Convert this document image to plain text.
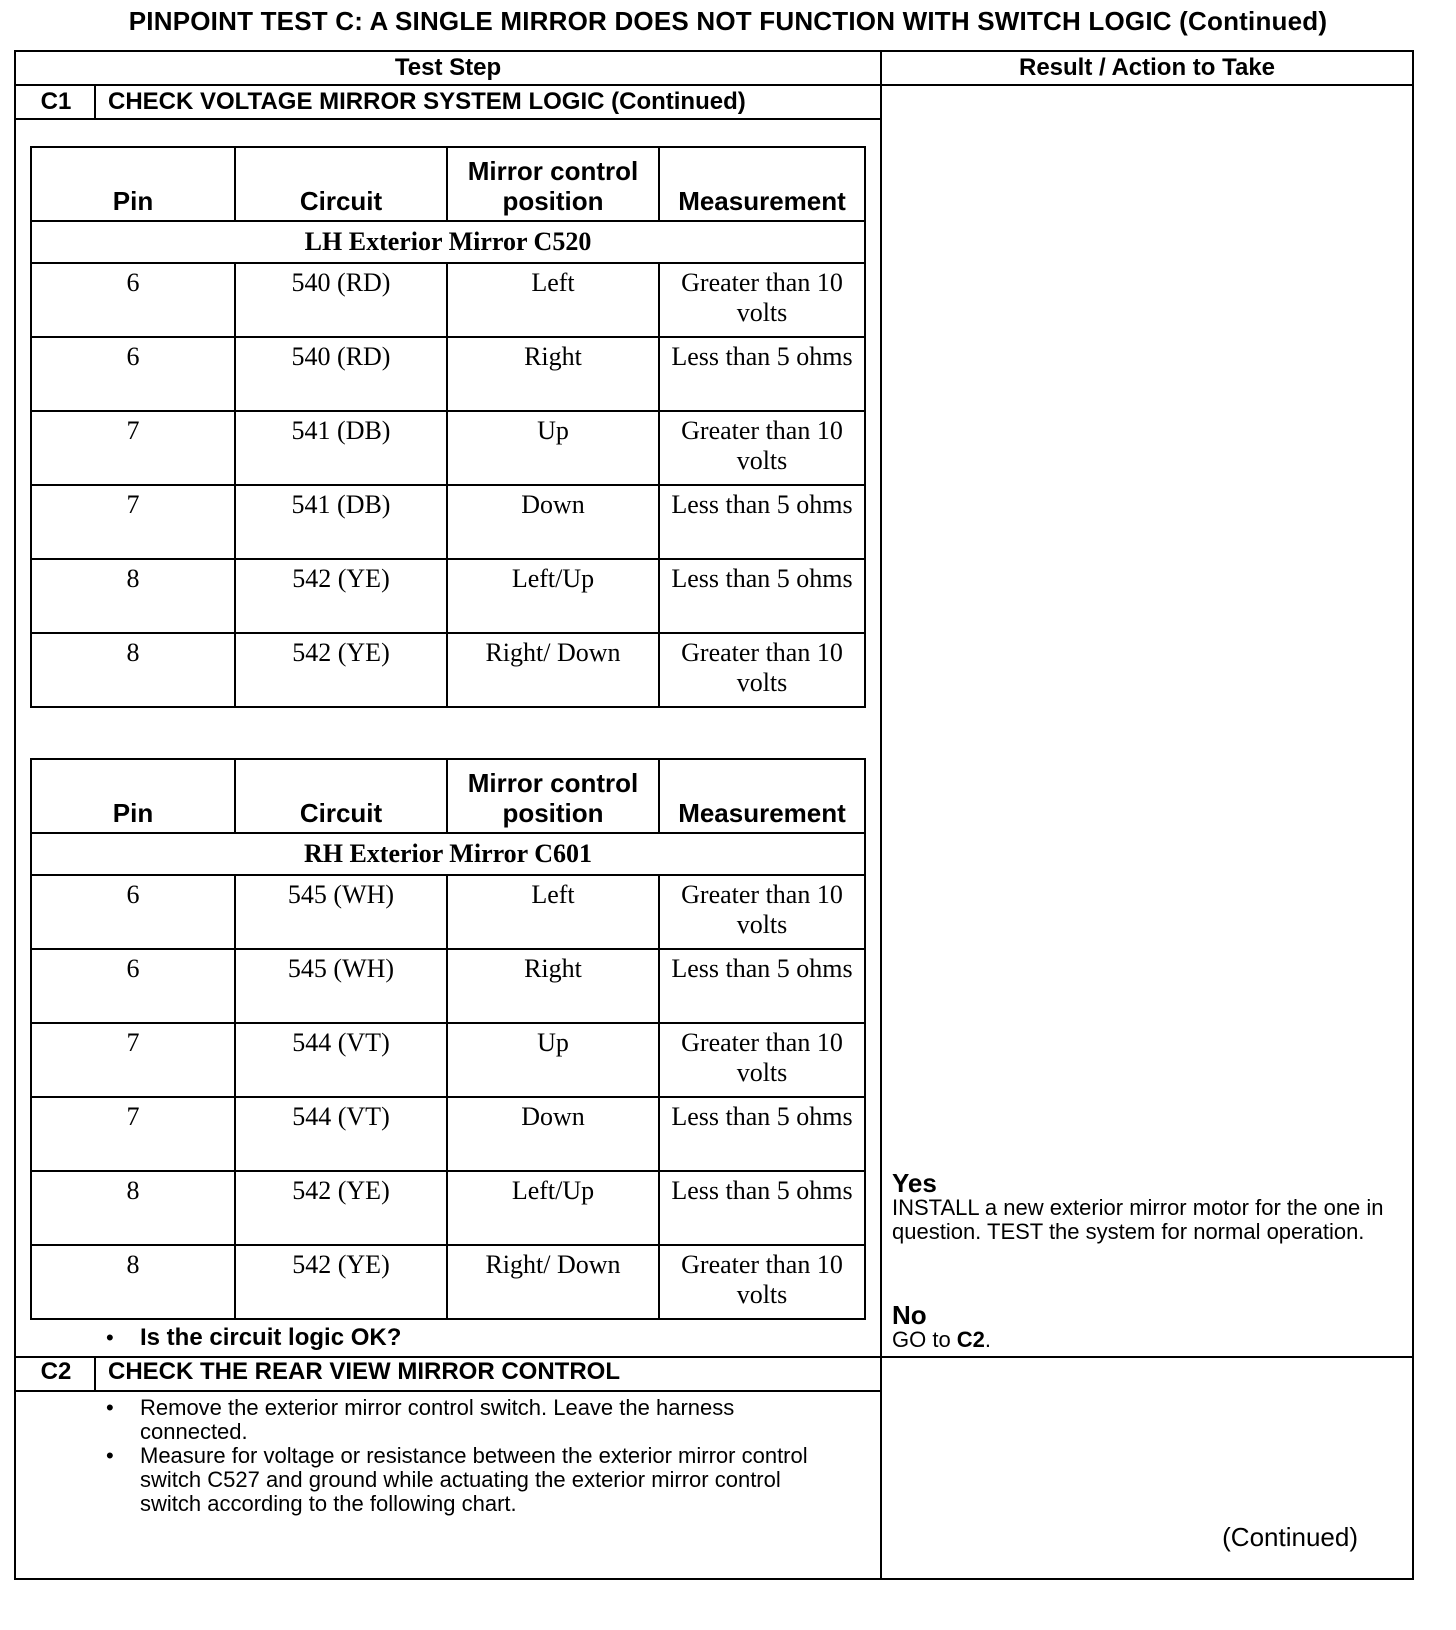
PINPOINT TEST C: A SINGLE MIRROR DOES NOT FUNCTION WITH SWITCH LOGIC (Continued)
Test Step	Result / Action to Take
C1	CHECK VOLTAGE MIRROR SYSTEM LOGIC (Continued)
Pin	Circuit	Mirror control position	Measurement
LH Exterior Mirror C520			
6	540 (RD)	Left	Greater than 10 volts
6	540 (RD)	Right	Less than 5 ohms
7	541 (DB)	Up	Greater than 10 volts
7	541 (DB)	Down	Less than 5 ohms
8	542 (YE)	Left/Up	Less than 5 ohms
8	542 (YE)	Right/ Down	Greater than 10 volts
Pin	Circuit	Mirror control position	Measurement
RH Exterior Mirror C601			
6	545 (WH)	Left	Greater than 10 volts
6	545 (WH)	Right	Less than 5 ohms
7	544 (VT)	Up	Greater than 10 volts
7	544 (VT)	Down	Less than 5 ohms
8	542 (YE)	Left/Up	Less than 5 ohms
8	542 (YE)	Right/ Down	Greater than 10 volts
• Is the circuit logic OK?
Yes
INSTALL a new exterior mirror motor for the one in question. TEST the system for normal operation.
No
GO to C2.
C2	CHECK THE REAR VIEW MIRROR CONTROL
• Remove the exterior mirror control switch. Leave the harness connected.
• Measure for voltage or resistance between the exterior mirror control switch C527 and ground while actuating the exterior mirror control switch according to the following chart.
(Continued)
